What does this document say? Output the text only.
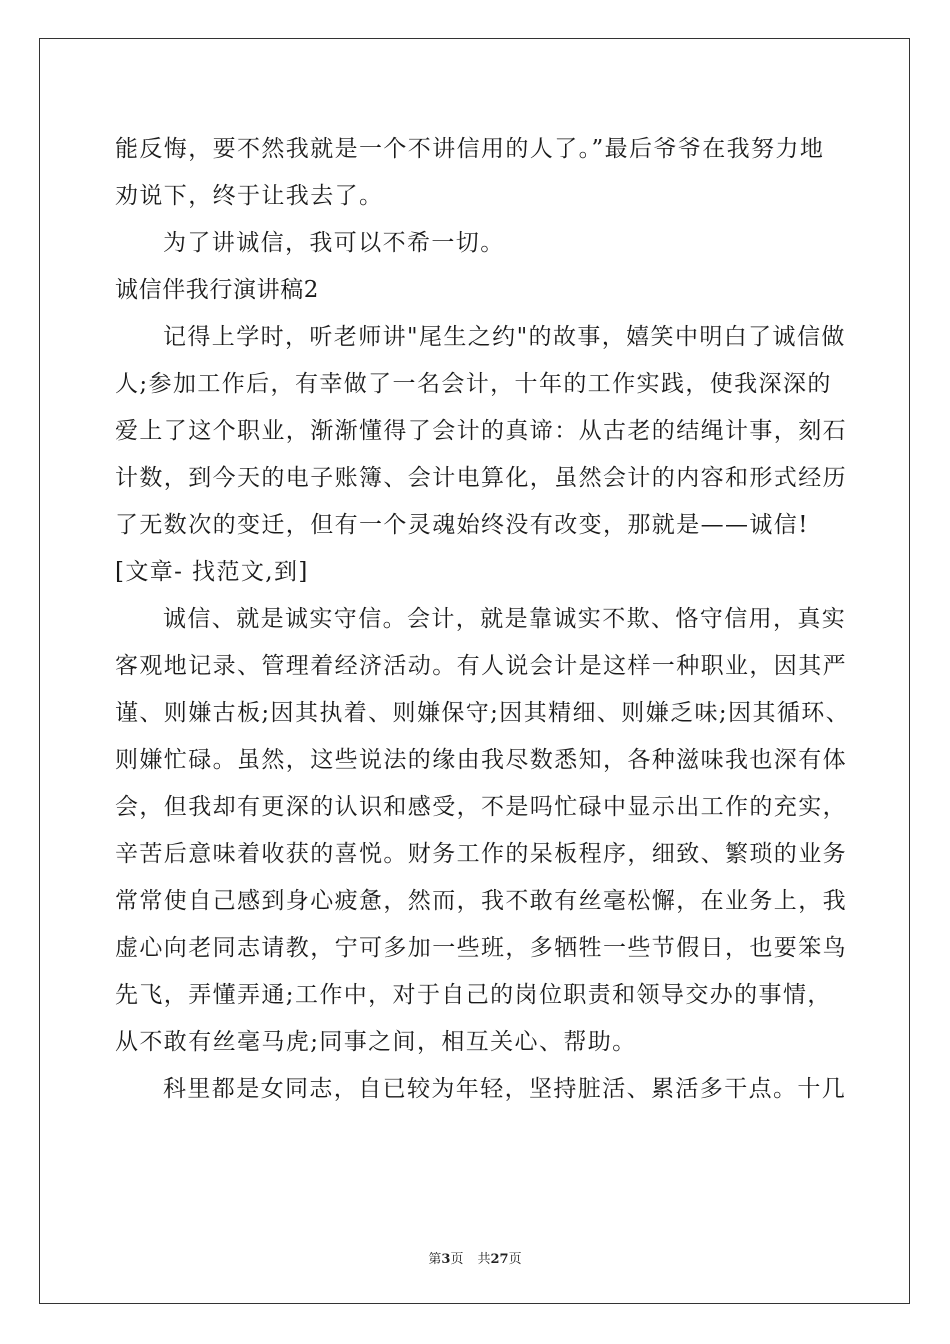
能反悔，要不然我就是一个不讲信用的人了。”最后爷爷在我努力地
劝说下，终于让我去了。
为了讲诚信，我可以不希一切。
诚信伴我行演讲稿2
记得上学时，听老师讲"尾生之约"的故事，嬉笑中明白了诚信做
人;参加工作后，有幸做了一名会计，十年的工作实践，使我深深的
爱上了这个职业，渐渐懂得了会计的真谛：从古老的结绳计事，刻石
计数，到今天的电子账簿、会计电算化，虽然会计的内容和形式经历
了无数次的变迁，但有一个灵魂始终没有改变，那就是——诚信!
[文章- 找范文,到]
诚信、就是诚实守信。会计，就是靠诚实不欺、恪守信用，真实
客观地记录、管理着经济活动。有人说会计是这样一种职业，因其严
谨、则嫌古板;因其执着、则嫌保守;因其精细、则嫌乏味;因其循环、
则嫌忙碌。虽然，这些说法的缘由我尽数悉知，各种滋味我也深有体
会，但我却有更深的认识和感受，不是吗忙碌中显示出工作的充实，
辛苦后意味着收获的喜悦。财务工作的呆板程序，细致、繁琐的业务
常常使自己感到身心疲惫，然而，我不敢有丝毫松懈，在业务上，我
虚心向老同志请教，宁可多加一些班，多牺牲一些节假日，也要笨鸟
先飞，弄懂弄通;工作中，对于自己的岗位职责和领导交办的事情，
从不敢有丝毫马虎;同事之间，相互关心、帮助。
科里都是女同志，自已较为年轻，坚持脏活、累活多干点。十几
第3页 共27页
